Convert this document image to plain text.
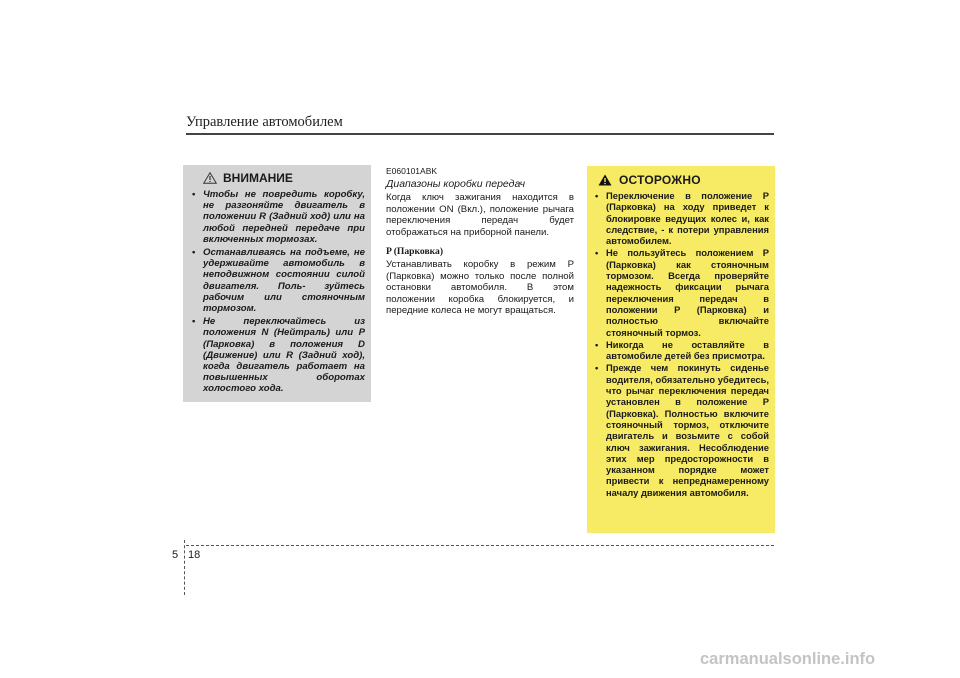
Управление автомобилем
ВНИМАНИЕ
• Чтобы не повредить коробку, не разгоняйте двигатель в положении R (Задний ход) или на любой передней передаче при включенных тормозах.
• Останавливаясь на подъеме, не удерживайте автомобиль в неподвижном состоянии силой двигателя. Поль- зуйтесь рабочим или стояночным тормозом.
• Не переключайтесь из положения N (Нейтраль) или P (Парковка) в положения D (Движение) или R (Задний ход), когда двигатель работает на повышенных оборотах холостого хода.
E060101ABK
Диапазоны коробки передач

Когда ключ зажигания находится в положении ON (Вкл.), положение рычага переключения передач будет отображаться на приборной панели.

P (Парковка)

Устанавливать коробку в режим P (Парковка) можно только после полной остановки автомобиля. В этом положении коробка блокируется, и передние колеса не могут вращаться.

ОСТОРОЖНО
• Переключение в положение P (Парковка) на ходу приведет к блокировке ведущих колес и, как следствие, - к потери управления автомобилем.
• Не пользуйтесь положением P (Парковка) как стояночным тормозом. Всегда проверяйте надежность фиксации рычага переключения передач в положении P (Парковка) и полностью включайте стояночный тормоз.
• Никогда не оставляйте в автомобиле детей без присмотра.
• Прежде чем покинуть сиденье водителя, обязательно убедитесь, что рычаг переключения передач установлен в положение P (Парковка). Полностью включите стояночный тормоз, отключите двигатель и возьмите с собой ключ зажигания. Несоблюдение этих мер предосторожности в указанном порядке может привести к непреднамеренному началу движения автомобиля.
5 18
carmanualsonline.info
